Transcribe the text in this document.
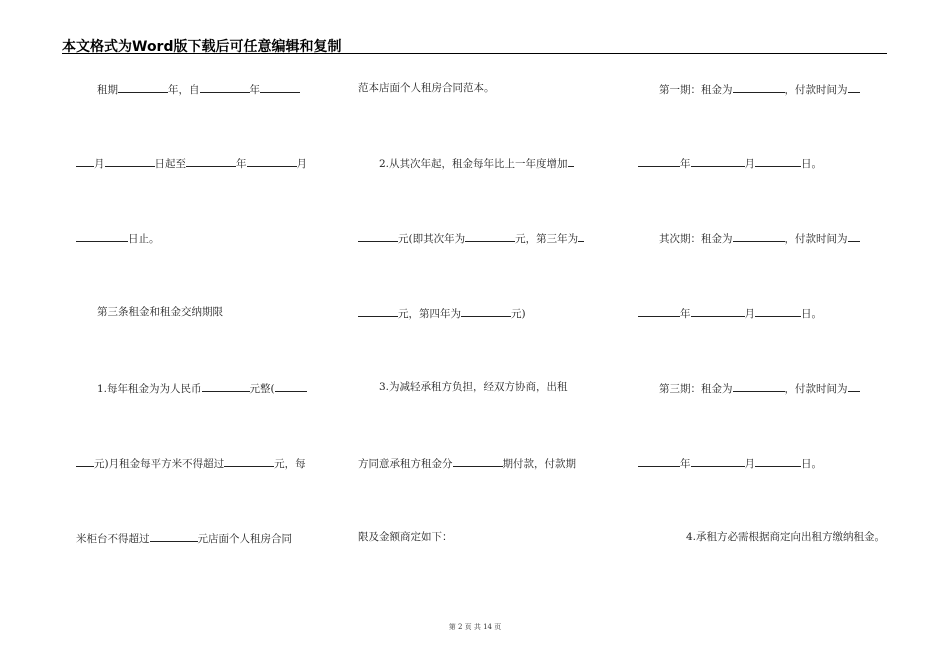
本文格式为Word版下载后可任意编辑和复制
　　租期	年，自	年
月	日起至	年	月
日止。
　　第三条租金和租金交纳期限
　　1.每年租金为为人民币	元整(
元)月租金每平方米不得超过	元，每
米柜台不得超过	元店面个人租房合同
范本店面个人租房合同范本。
　　2.从其次年起，租金每年比上一年度增加
元(即其次年为	元，第三年为
元，第四年为	元)
　　3.为减轻承租方负担，经双方协商，出租
方同意承租方租金分	期付款，付款期
限及金额商定如下：
　　第一期：租金为	，付款时间为
年	月	日。
　　其次期：租金为	，付款时间为
年	月	日。
　　第三期：租金为	，付款时间为
年	月	日。
　　4.承租方必需根据商定向出租方缴纳租金。
第 2 页 共 14 页
